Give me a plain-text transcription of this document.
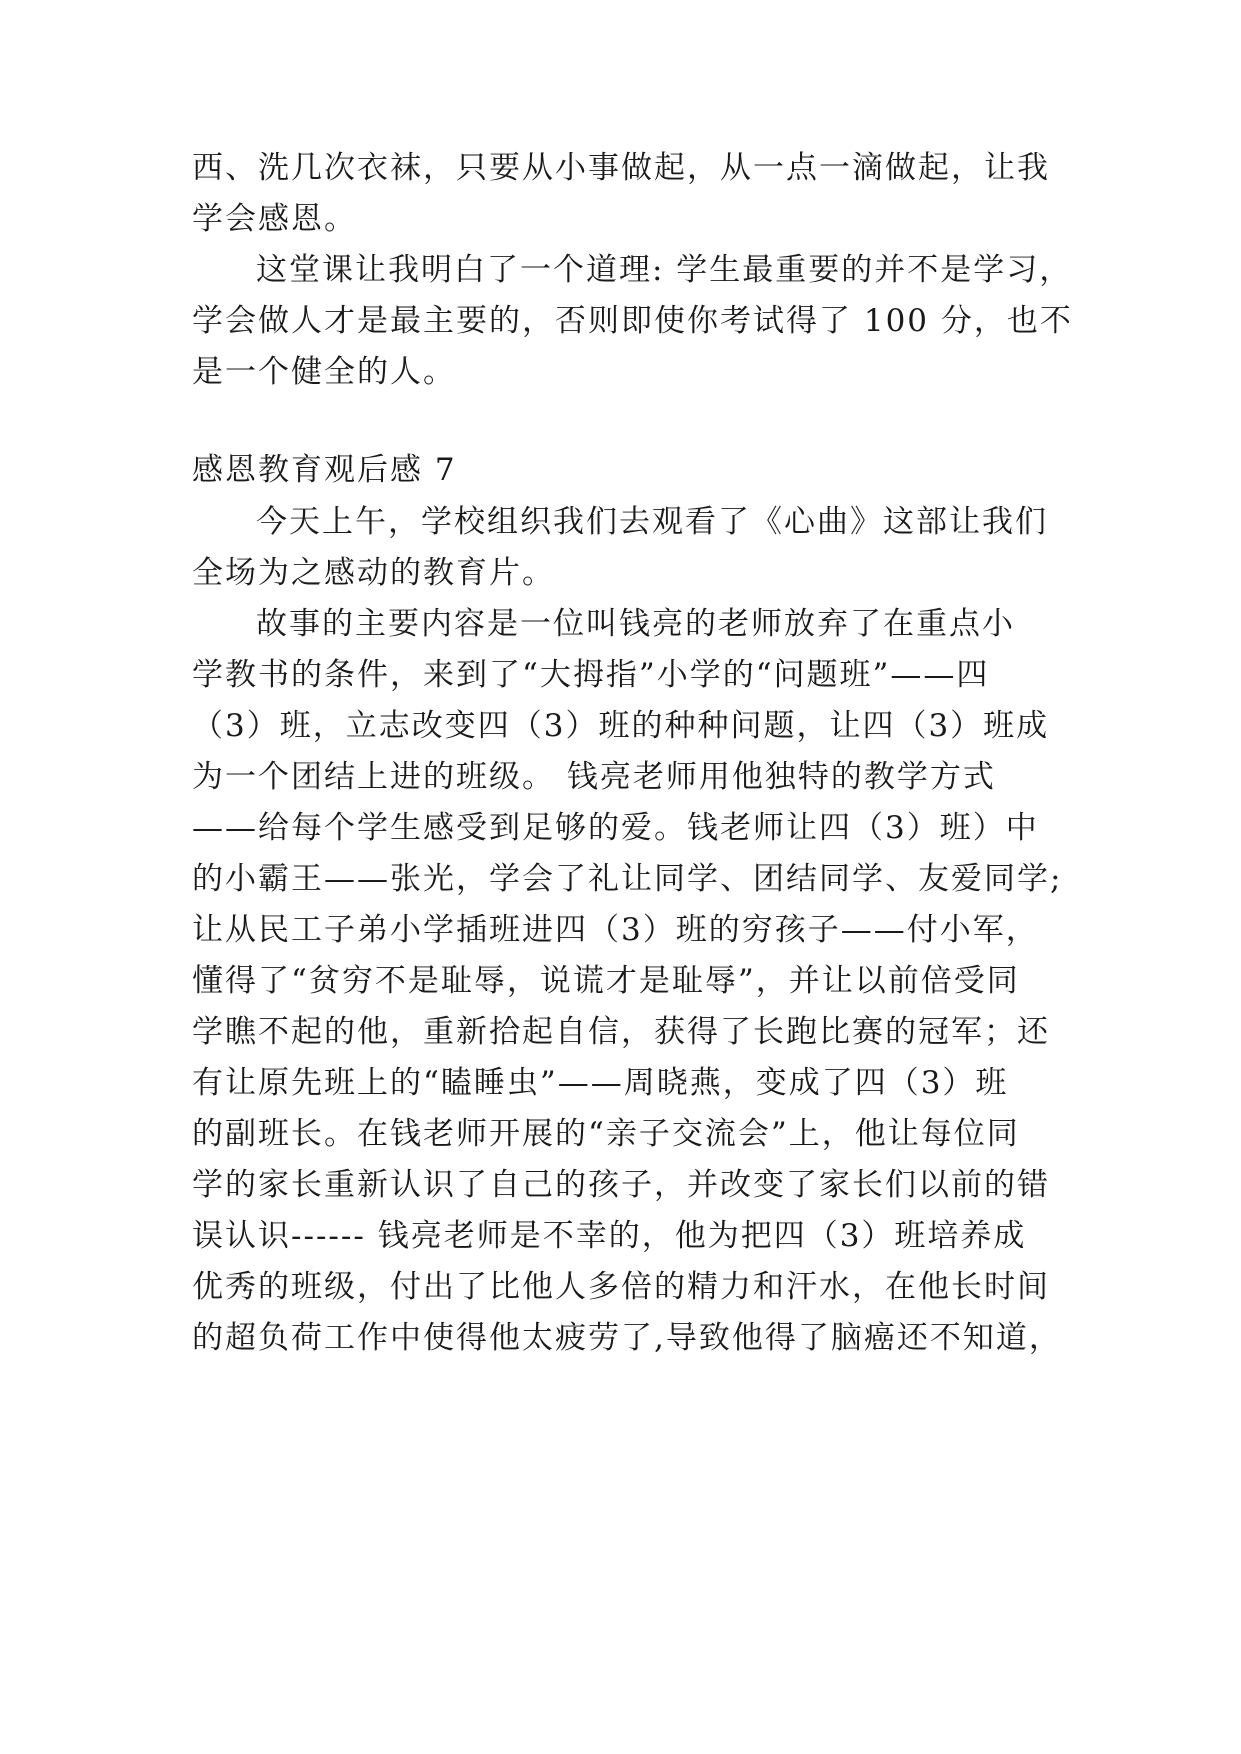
西、洗几次衣袜，只要从小事做起，从一点一滴做起，让我

学会感恩。

这堂课让我明白了一个道理: 学生最重要的并不是学习，

学会做人才是最主要的，否则即使你考试得了 100 分，也不

是一个健全的人。

感恩教育观后感 7

今天上午，学校组织我们去观看了《心曲》这部让我们

全场为之感动的教育片。

故事的主要内容是一位叫钱亮的老师放弃了在重点小

学教书的条件，来到了“大拇指”小学的“问题班”——四

（3）班，立志改变四（3）班的种种问题，让四（3）班成

为一个团结上进的班级。 钱亮老师用他独特的教学方式

——给每个学生感受到足够的爱。钱老师让四（3）班）中

的小霸王——张光，学会了礼让同学、团结同学、友爱同学;

让从民工子弟小学插班进四（3）班的穷孩子——付小军，

懂得了“贫穷不是耻辱，说谎才是耻辱”，并让以前倍受同

学瞧不起的他，重新拾起自信，获得了长跑比赛的冠军；还

有让原先班上的“瞌睡虫”——周晓燕，变成了四（3）班

的副班长。在钱老师开展的“亲子交流会”上，他让每位同

学的家长重新认识了自己的孩子，并改变了家长们以前的错

误认识------ 钱亮老师是不幸的，他为把四（3）班培养成

优秀的班级，付出了比他人多倍的精力和汗水，在他长时间

的超负荷工作中使得他太疲劳了,导致他得了脑癌还不知道，
